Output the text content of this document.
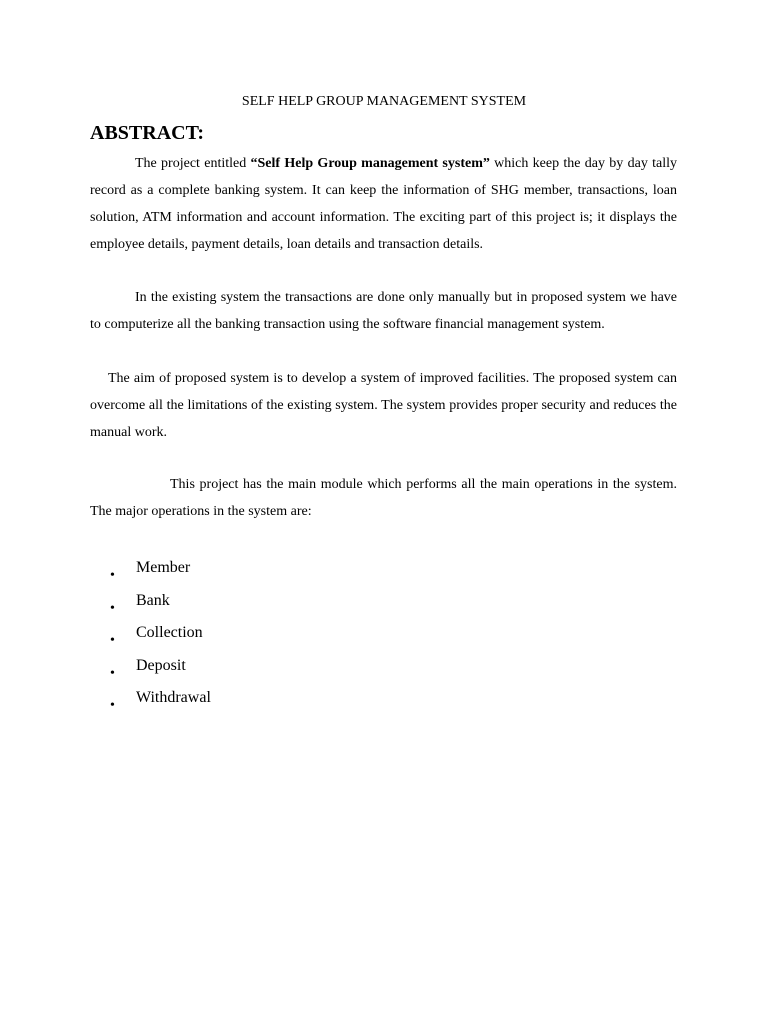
SELF HELP GROUP MANAGEMENT SYSTEM
ABSTRACT:

The project entitled “Self Help Group management system” which keep the day by day tally record as a complete banking system. It can keep the information of SHG member, transactions, loan solution, ATM information and account information. The exciting part of this project is; it displays the employee details, payment details, loan details and transaction details.

In the existing system the transactions are done only manually but in proposed system we have to computerize all the banking transaction using the software financial management system.

The aim of proposed system is to develop a system of improved facilities. The proposed system can overcome all the limitations of the existing system. The system provides proper security and reduces the manual work.

This project has the main module which performs all the main operations in the system. The major operations in the system are:

• Member
• Bank
• Collection
• Deposit
• Withdrawal
